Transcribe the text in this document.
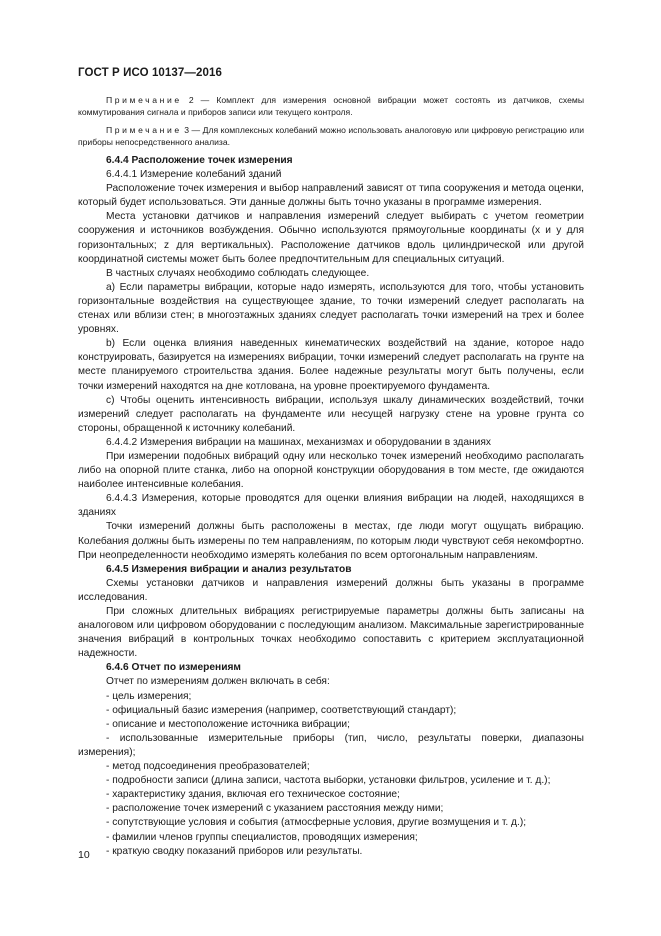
ГОСТ Р ИСО 10137—2016

Примечание 2 — Комплект для измерения основной вибрации может состоять из датчиков, схемы коммутирования сигнала и приборов записи или текущего контроля.

Примечание 3 — Для комплексных колебаний можно использовать аналоговую или цифровую регистрацию или приборы непосредственного анализа.

6.4.4 Расположение точек измерения

6.4.4.1 Измерение колебаний зданий

Расположение точек измерения и выбор направлений зависят от типа сооружения и метода оценки, который будет использоваться. Эти данные должны быть точно указаны в программе измерения.

Места установки датчиков и направления измерений следует выбирать с учетом геометрии сооружения и источников возбуждения. Обычно используются прямоугольные координаты (x и y для горизонтальных; z для вертикальных). Расположение датчиков вдоль цилиндрической или другой координатной системы может быть более предпочтительным для специальных ситуаций.

В частных случаях необходимо соблюдать следующее.

a) Если параметры вибрации, которые надо измерять, используются для того, чтобы установить горизонтальные воздействия на существующее здание, то точки измерений следует располагать на стенах или вблизи стен; в многоэтажных зданиях следует располагать точки измерений на трех и более уровнях.

b) Если оценка влияния наведенных кинематических воздействий на здание, которое надо конструировать, базируется на измерениях вибрации, точки измерений следует располагать на грунте на месте планируемого строительства здания. Более надежные результаты могут быть получены, если точки измерений находятся на дне котлована, на уровне проектируемого фундамента.

c) Чтобы оценить интенсивность вибрации, используя шкалу динамических воздействий, точки измерений следует располагать на фундаменте или несущей нагрузку стене на уровне грунта со стороны, обращенной к источнику колебаний.

6.4.4.2 Измерения вибрации на машинах, механизмах и оборудовании в зданиях

При измерении подобных вибраций одну или несколько точек измерений необходимо располагать либо на опорной плите станка, либо на опорной конструкции оборудования в том месте, где ожидаются наиболее интенсивные колебания.

6.4.4.3 Измерения, которые проводятся для оценки влияния вибрации на людей, находящихся в зданиях

Точки измерений должны быть расположены в местах, где люди могут ощущать вибрацию. Колебания должны быть измерены по тем направлениям, по которым люди чувствуют себя некомфортно. При неопределенности необходимо измерять колебания по всем ортогональным направлениям.

6.4.5 Измерения вибрации и анализ результатов

Схемы установки датчиков и направления измерений должны быть указаны в программе исследования.

При сложных длительных вибрациях регистрируемые параметры должны быть записаны на аналоговом или цифровом оборудовании с последующим анализом. Максимальные зарегистрированные значения вибраций в контрольных точках необходимо сопоставить с критерием эксплуатационной надежности.

6.4.6 Отчет по измерениям

Отчет по измерениям должен включать в себя:

- цель измерения;

- официальный базис измерения (например, соответствующий стандарт);

- описание и местоположение источника вибрации;

- использованные измерительные приборы (тип, число, результаты поверки, диапазоны измерения);

- метод подсоединения преобразователей;

- подробности записи (длина записи, частота выборки, установки фильтров, усиление и т. д.);

- характеристику здания, включая его техническое состояние;

- расположение точек измерений с указанием расстояния между ними;

- сопутствующие условия и события (атмосферные условия, другие возмущения и т. д.);

- фамилии членов группы специалистов, проводящих измерения;

- краткую сводку показаний приборов или результаты.

10
